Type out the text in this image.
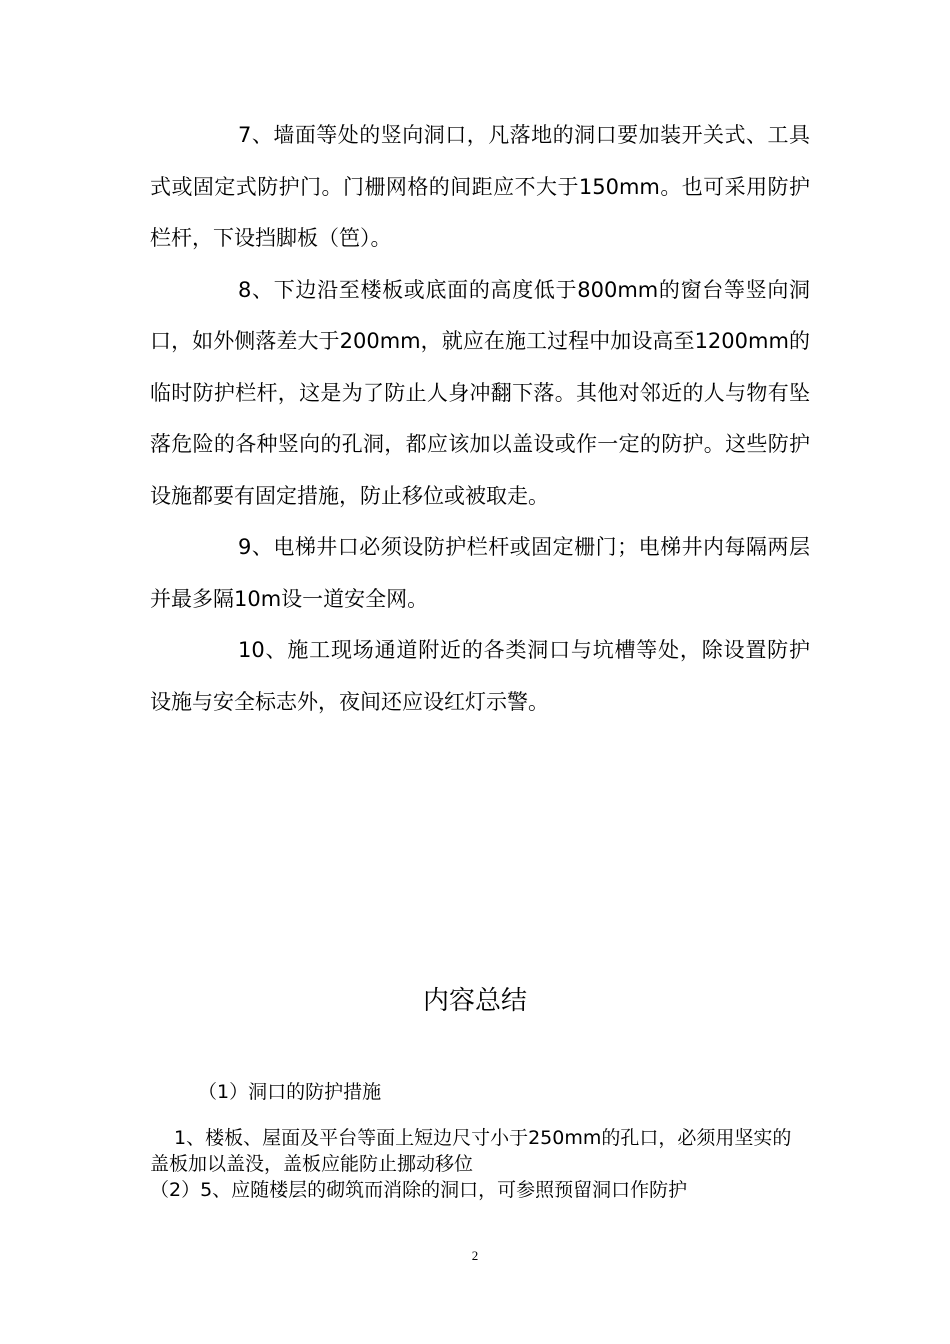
7、墙面等处的竖向洞口，凡落地的洞口要加装开关式、工具式或固定式防护门。门栅网格的间距应不大于150mm。也可采用防护栏杆，下设挡脚板（笆）。

8、下边沿至楼板或底面的高度低于800mm的窗台等竖向洞口，如外侧落差大于200mm，就应在施工过程中加设高至1200mm的临时防护栏杆，这是为了防止人身冲翻下落。其他对邻近的人与物有坠落危险的各种竖向的孔洞，都应该加以盖设或作一定的防护。这些防护设施都要有固定措施，防止移位或被取走。

9、电梯井口必须设防护栏杆或固定栅门；电梯井内每隔两层并最多隔10m设一道安全网。

10、施工现场通道附近的各类洞口与坑槽等处，除设置防护设施与安全标志外，夜间还应设红灯示警。

内容总结

（1）洞口的防护措施

1、楼板、屋面及平台等面上短边尺寸小于250mm的孔口，必须用坚实的盖板加以盖没，盖板应能防止挪动移位

（2）5、应随楼层的砌筑而消除的洞口，可参照预留洞口作防护

2
